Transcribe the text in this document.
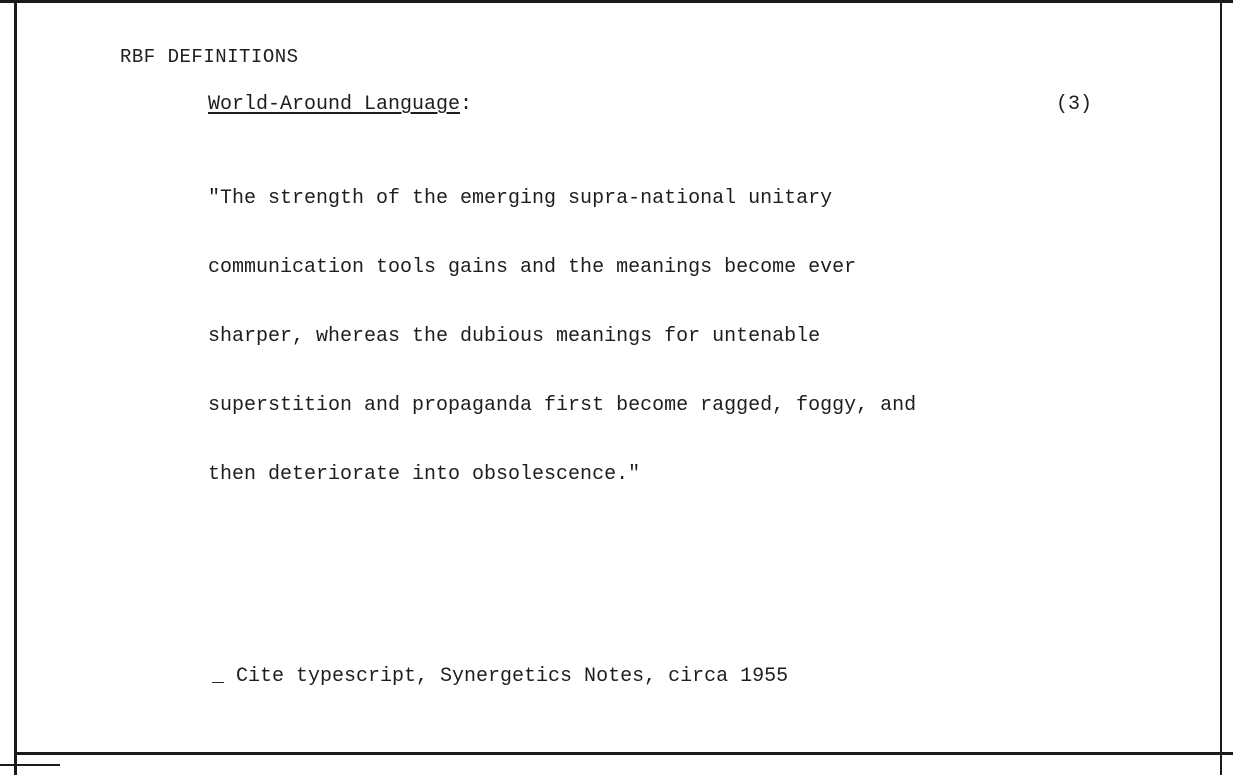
RBF DEFINITIONS
World-Around Language:	(3)

"The strength of the emerging supra-national unitary

communication tools gains and the meanings become ever

sharper, whereas the dubious meanings for untenable

superstition and propaganda first become ragged, foggy, and

then deteriorate into obsolescence."

_ Cite typescript, Synergetics Notes, circa 1955
